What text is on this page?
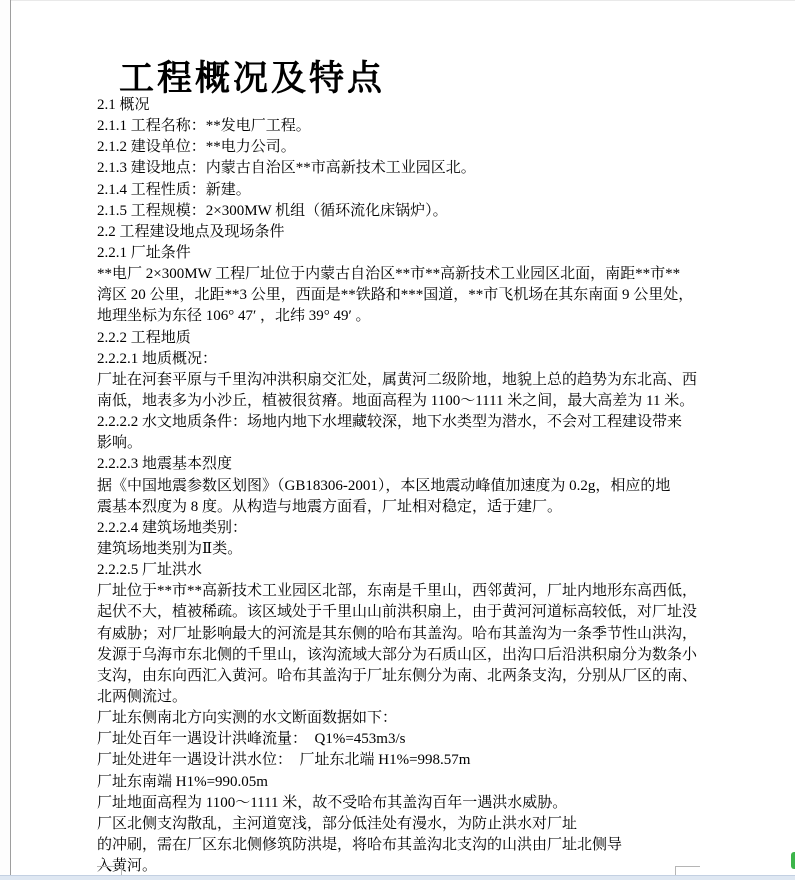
工程概况及特点
2.1 概况
2.1.1 工程名称：**发电厂工程。
2.1.2 建设单位：**电力公司。
2.1.3 建设地点：内蒙古自治区**市高新技术工业园区北。
2.1.4 工程性质：新建。
2.1.5 工程规模：2×300MW 机组（循环流化床锅炉）。
2.2 工程建设地点及现场条件
2.2.1 厂址条件
**电厂 2×300MW 工程厂址位于内蒙古自治区**市**高新技术工业园区北面，南距**市**
湾区 20 公里，北距**3 公里，西面是**铁路和***国道，**市飞机场在其东南面 9 公里处，
地理坐标为东径 106° 47′ ，北纬 39° 49′ 。
2.2.2 工程地质
2.2.2.1 地质概况：
厂址在河套平原与千里沟冲洪积扇交汇处，属黄河二级阶地，地貌上总的趋势为东北高、西
南低，地表多为小沙丘，植被很贫瘠。地面高程为 1100～1111 米之间，最大高差为 11 米。
2.2.2.2 水文地质条件：场地内地下水埋藏较深，地下水类型为潜水，不会对工程建设带来
影响。
2.2.2.3 地震基本烈度
据《中国地震参数区划图》（GB18306-2001），本区地震动峰值加速度为 0.2g，相应的地
震基本烈度为 8 度。从构造与地震方面看，厂址相对稳定，适于建厂。
2.2.2.4 建筑场地类别：
建筑场地类别为Ⅱ类。
2.2.2.5 厂址洪水
厂址位于**市**高新技术工业园区北部，东南是千里山，西邻黄河，厂址内地形东高西低，
起伏不大，植被稀疏。该区域处于千里山山前洪积扇上，由于黄河河道标高较低，对厂址没
有威胁；对厂址影响最大的河流是其东侧的哈布其盖沟。哈布其盖沟为一条季节性山洪沟，
发源于乌海市东北侧的千里山，该沟流域大部分为石质山区，出沟口后沿洪积扇分为数条小
支沟，由东向西汇入黄河。哈布其盖沟于厂址东侧分为南、北两条支沟，分别从厂区的南、
北两侧流过。
厂址东侧南北方向实测的水文断面数据如下：
厂址处百年一遇设计洪峰流量：  Q1%=453m3/s
厂址处进年一遇设计洪水位：  厂址东北端 H1%=998.57m
厂址东南端 H1%=990.05m
厂址地面高程为 1100～1111 米，故不受哈布其盖沟百年一遇洪水威胁。
厂区北侧支沟散乱，主河道宽浅，部分低洼处有漫水，为防止洪水对厂址
的冲刷，需在厂区东北侧修筑防洪堤，将哈布其盖沟北支沟的山洪由厂址北侧导
入黄河。
